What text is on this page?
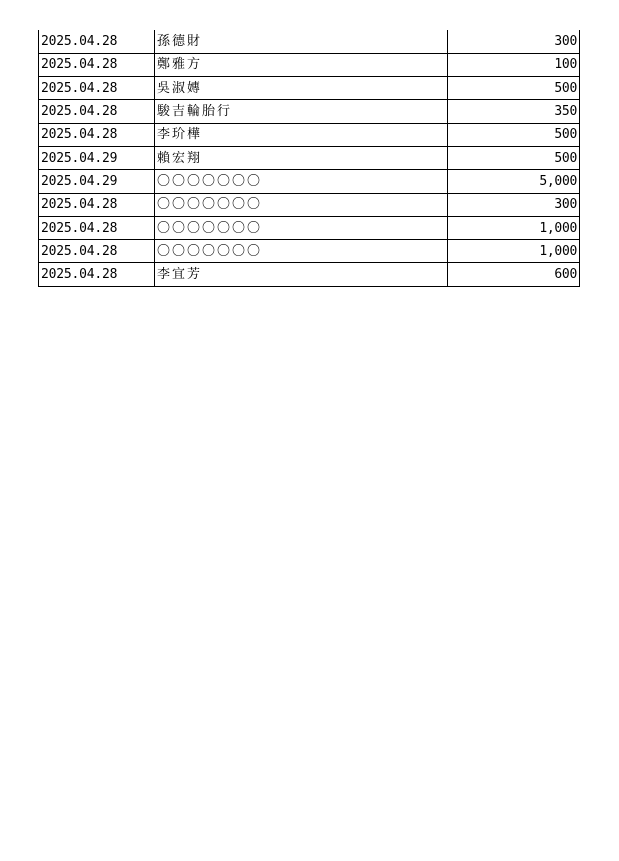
2025.04.28	孫德財	300
2025.04.28	鄭雅方	100
2025.04.28	吳淑嫥	500
2025.04.28	駿吉輪胎行	350
2025.04.28	李玠樺	500
2025.04.29	賴宏翔	500
2025.04.29	〇〇〇〇〇〇〇	5,000
2025.04.28	〇〇〇〇〇〇〇	300
2025.04.28	〇〇〇〇〇〇〇	1,000
2025.04.28	〇〇〇〇〇〇〇	1,000
2025.04.28	李宜芳	600
